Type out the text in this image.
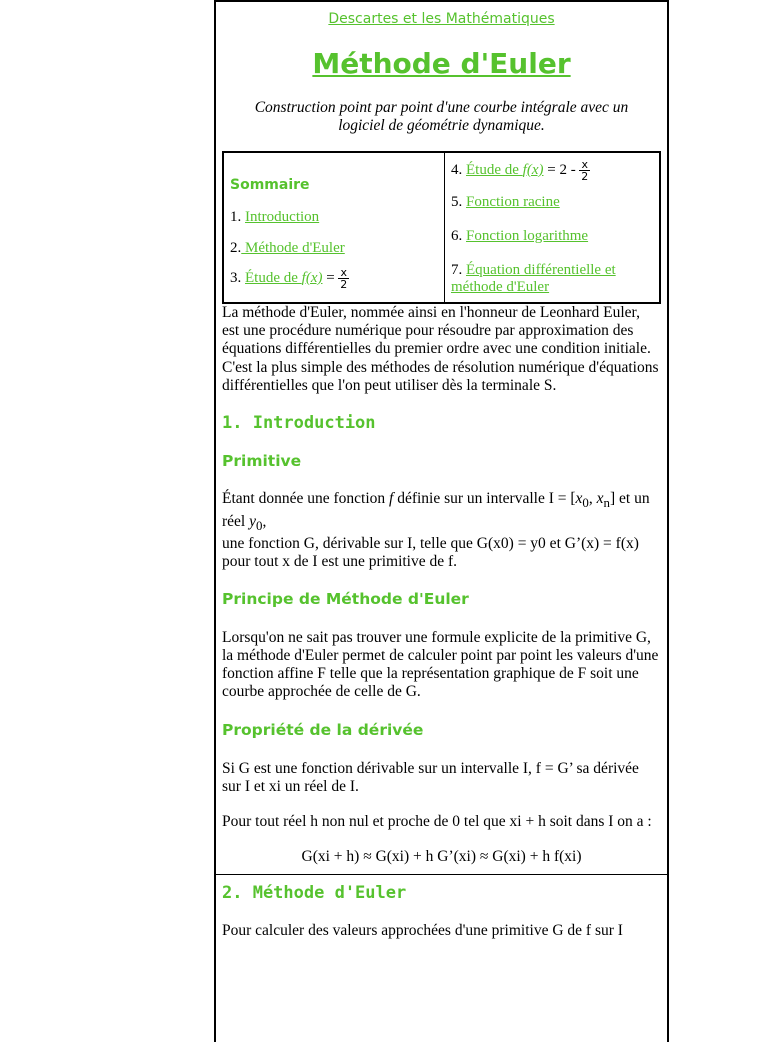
Descartes et les Mathématiques
Méthode d'Euler
Construction point par point d'une courbe intégrale avec un logiciel de géométrie dynamique.
Sommaire
1. Introduction
2. Méthode d'Euler
3. Étude de $f(x) = \frac{x}{2}$

4. Étude de $f(x) = 2 - \frac{x}{2}$
5. Fonction racine
6. Fonction logarithme
7. Équation différentielle et méthode d'Euler

La méthode d'Euler, nommée ainsi en l'honneur de Leonhard Euler, est une procédure numérique pour résoudre par approximation des équations différentielles du premier ordre avec une condition initiale. C'est la plus simple des méthodes de résolution numérique d'équations différentielles que l'on peut utiliser dès la terminale S.

1. Introduction
Primitive

Étant donnée une fonction f définie sur un intervalle $I = [x_0$, $x_n$] et un réel $y_0$,
une fonction G, dérivable sur I, telle que G(x0) = y0 et G’(x) = f(x) pour tout x de I est une primitive de f.

Principe de Méthode d'Euler

Lorsqu'on ne sait pas trouver une formule explicite de la primitive G, la méthode d'Euler permet de calculer point par point les valeurs d'une fonction affine F telle que la représentation graphique de F soit une courbe approchée de celle de G.

Propriété de la dérivée

Si G est une fonction dérivable sur un intervalle I, f = G’ sa dérivée sur I et xi un réel de I.

Pour tout réel h non nul et proche de 0 tel que xi + h soit dans I on a :

G(xi + h) ≈ G(xi) + h G’(xi) ≈ G(xi) + h f(xi)

2. Méthode d'Euler

Pour calculer des valeurs approchées d'une primitive G de f sur I
